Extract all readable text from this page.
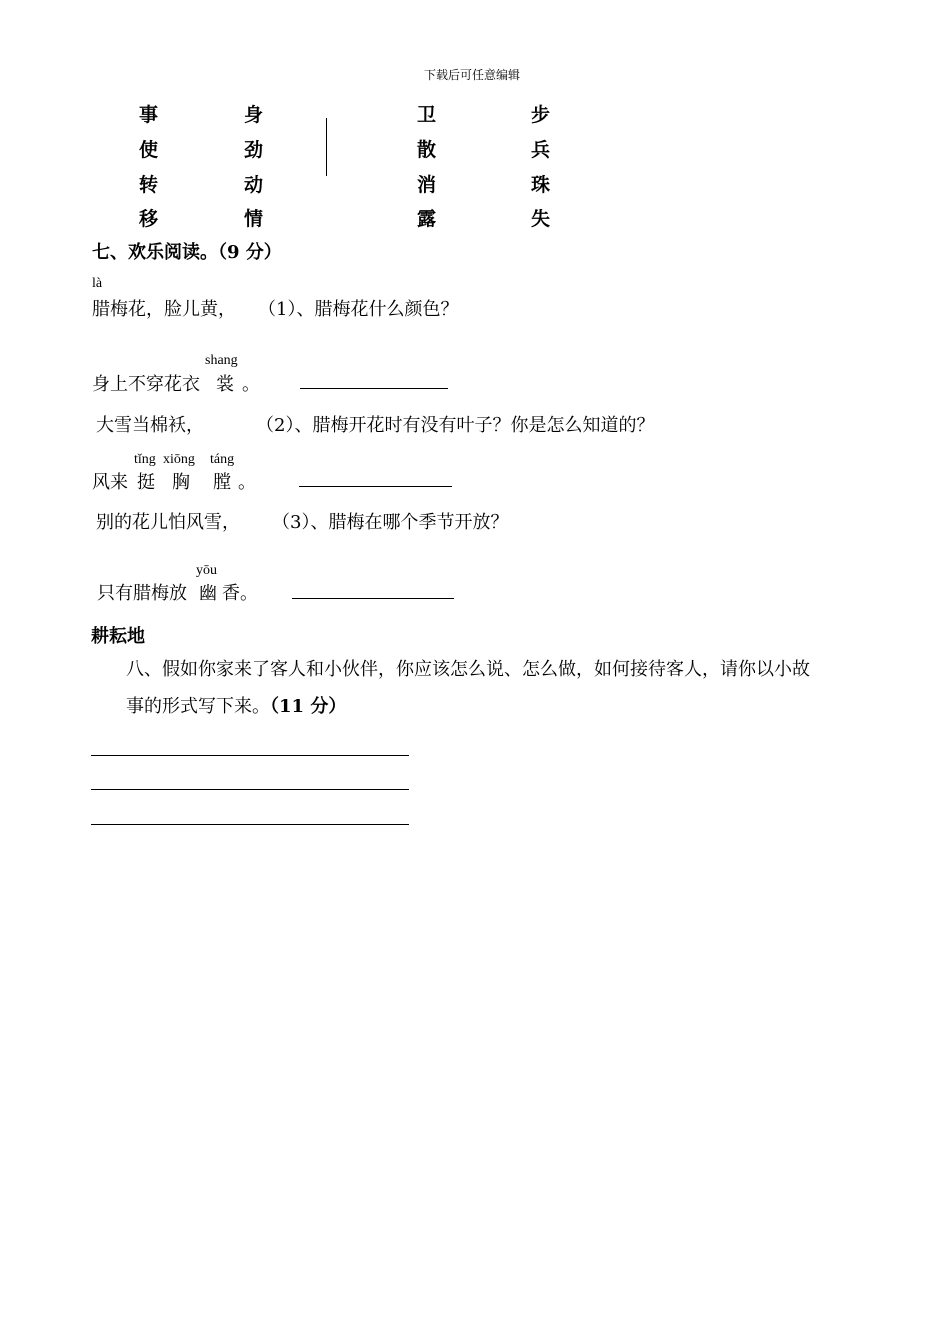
下载后可任意编辑
事
使
转
移
身
劲
动
情
卫
散
消
露
步
兵
珠
失
七、欢乐阅读。（9 分）
là
腊梅花，脸儿黄， （1）、腊梅花什么颜色？
shang
身上不穿花衣 裳 。
大雪当棉袄，	（2）、腊梅开花时有没有叶子？你是怎么知道的？
tǐng xiōng táng
风来 挺 胸 膛 。
别的花儿怕风雪， （3）、腊梅在哪个季节开放？
yōu
只有腊梅放 幽 香。
耕耘地
八、假如你家来了客人和小伙伴，你应该怎么说、怎么做，如何接待客人，请你以小故
事的形式写下来。（11 分）
